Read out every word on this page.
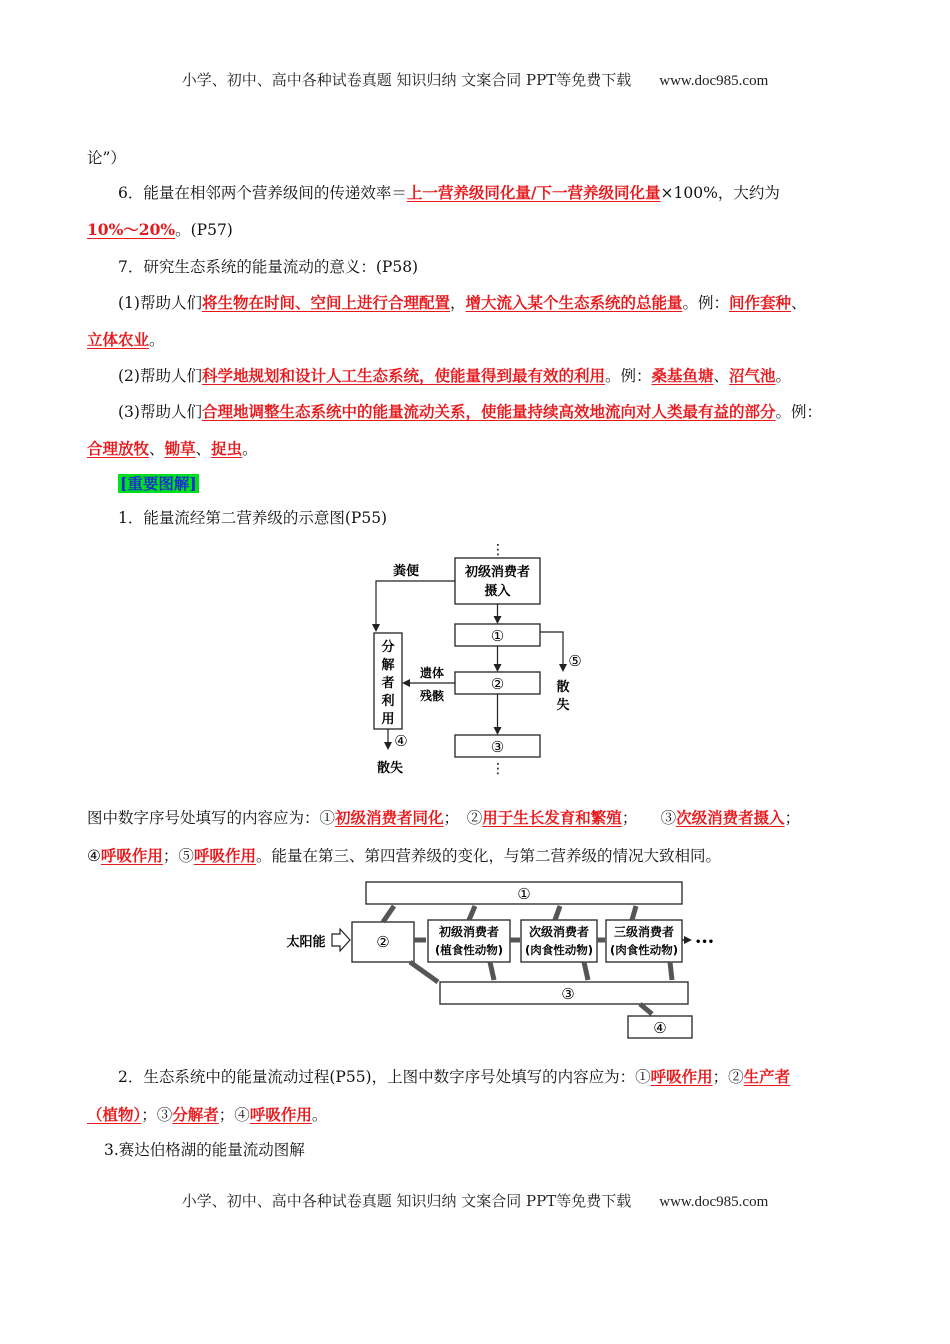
小学、初中、高中各种试卷真题 知识归纳 文案合同 PPT等免费下载 www.doc985.com
论”）
6．能量在相邻两个营养级间的传递效率＝上一营养级同化量/下一营养级同化量×100%，大约为
10%～20%。(P57)
7．研究生态系统的能量流动的意义：(P58)
(1)帮助人们将生物在时间、空间上进行合理配置，增大流入某个生态系统的总能量。例：间作套种、
立体农业。
(2)帮助人们科学地规划和设计人工生态系统，使能量得到最有效的利用。例：桑基鱼塘、沼气池。
(3)帮助人们合理地调整生态系统中的能量流动关系，使能量持续高效地流向对人类最有益的部分。例：
合理放牧、锄草、捉虫。
[重要图解]
1．能量流经第二营养级的示意图(P55)
⋮
初级消费者
摄入
粪便
①
②
③
⋮
⑤
散
失
分
解
者
利
用
遗体
残骸
④
散失
图中数字序号处填写的内容应为：①初级消费者同化；　②用于生长发育和繁殖；　　③次级消费者摄入；
④呼吸作用；⑤呼吸作用。能量在第三、第四营养级的变化，与第二营养级的情况大致相同。
①
太阳能	②
初级消费者
(植食性动物)
次级消费者
(肉食性动物)
三级消费者
(肉食性动物)
•••
③
④
2．生态系统中的能量流动过程(P55)，上图中数字序号处填写的内容应为：①呼吸作用；②生产者
（植物）；③分解者；④呼吸作用。
3.赛达伯格湖的能量流动图解
小学、初中、高中各种试卷真题 知识归纳 文案合同 PPT等免费下载 www.doc985.com
